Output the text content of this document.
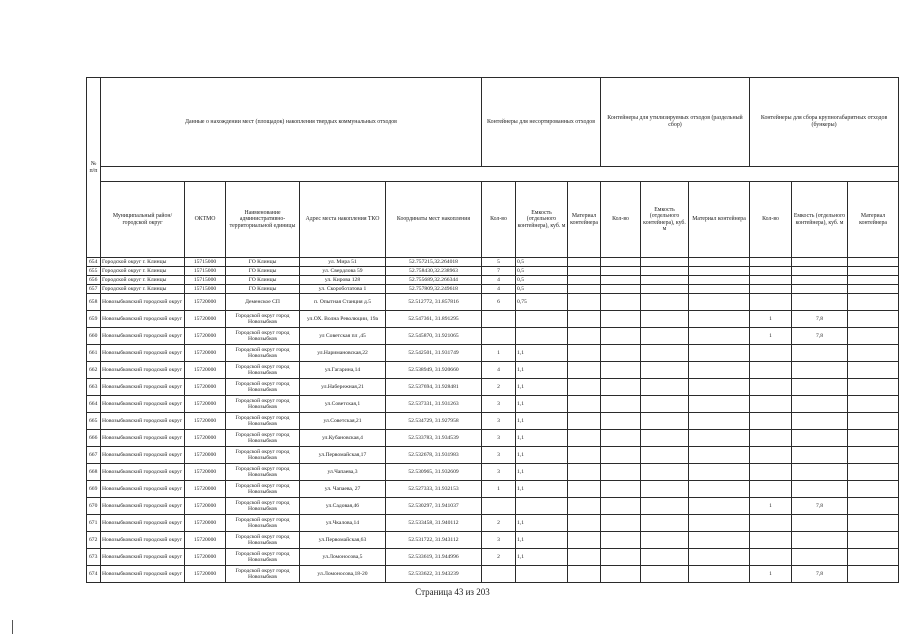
№ п/п	Данные о нахождении мест (площадок) накопления твердых коммунальных отходов					Контейнеры для несортированных отходов			Контейнеры для утилизируемых отходов (раздельный сбор)			Контейнеры для сбора крупногабаритных отходов (бункеры)		

	Муниципальный район/городской округ	ОКТМО	Наименование административно-территориальной единицы	Адрес места накопления ТКО	Координаты мест накопления	Кол-во	Емкость (отдельного контейнера), куб. м	Материал контейнера	Кол-во	Емкость (отдельного контейнера), куб. м	Материал контейнера	Кол-во	Емкость (отдельного контейнера), куб. м	Материал контейнера
654	Городской округ г. Клинцы	15715000	ГО Клинцы	ул. Мира 51	52.757215,32.264018	5	0,5							
655	Городской округ г. Клинцы	15715000	ГО Клинцы	ул. Свердлова 59	52.758430,32.238963	7	0,5							
656	Городской округ г. Клинцы	15715000	ГО Клинцы	ул. Кирова 128	52.755689,32.266344	4	0,5							
657	Городской округ г. Клинцы	15715000	ГО Клинцы	ул. Скороботатова 1	52.757809,32.249618	4	0,5							
658	Новозыбковский городской округ	15720000	Деменское СП	п. Опытная Станция д.5	52.512772, 31.857816	6	0,75							
659	Новозыбковский городской округ	15720000	Городской округ город Новозыбков	ул.ОХ. Волна Революции, 19а	52.547361, 31.891295							1	7,8	
660	Новозыбковский городской округ	15720000	Городской округ город Новозыбков	ул Советская пл ,45	52.545870, 31.921065							1	7,8	
661	Новозыбковский городской округ	15720000	Городской округ город Новозыбков	ул.Наримановская,22	52.542501, 31.931749	1	1,1							
662	Новозыбковский городской округ	15720000	Городской округ город Новозыбков	ул.Гагарина,14	52.538949, 31.920660	4	1,1							
663	Новозыбковский городской округ	15720000	Городской округ город Новозыбков	ул.Набережная,21	52.537694, 31.928481	2	1,1							
664	Новозыбковский городской округ	15720000	Городской округ город Новозыбков	ул.Советская,1	52.537331, 31.931263	3	1,1							
665	Новозыбковский городской округ	15720000	Городской округ город Новозыбков	ул.Советская,21	52.534729, 31.927958	3	1,1							
666	Новозыбковский городской округ	15720000	Городской округ город Новозыбков	ул.Кубановская,4	52.533783, 31.934539	3	1,1							
667	Новозыбковский городской округ	15720000	Городской округ город Новозыбков	ул.Первомайская,17	52.532678, 31.931983	3	1,1							
668	Новозыбковский городской округ	15720000	Городской округ город Новозыбков	ул.Чапаева,3	52.530965, 31.932609	3	1,1							
669	Новозыбковский городской округ	15720000	Городской округ город Новозыбков	ул. Чапаева, 27	52.527333, 31.932153	1	1,1							
670	Новозыбковский городской округ	15720000	Городской округ город Новозыбков	ул.Садовая,46	52.530297, 31.941037							1	7,8	
671	Новозыбковский городской округ	15720000	Городской округ город Новозыбков	ул.Чкалова,14	52.533458, 31.940112	2	1,1							
672	Новозыбковский городской округ	15720000	Городской округ город Новозыбков	ул.Первомайская,63	52.531722, 31.943112	3	1,1							
673	Новозыбковский городской округ	15720000	Городской округ город Новозыбков	ул.Ломоносова,5	52.533619, 31.944996	2	1,1							
674	Новозыбковский городской округ	15720000	Городской округ город Новозыбков	ул.Ломоносова,18-20	52.533622, 31.943239							1	7,8	
Страница 43 из 203
